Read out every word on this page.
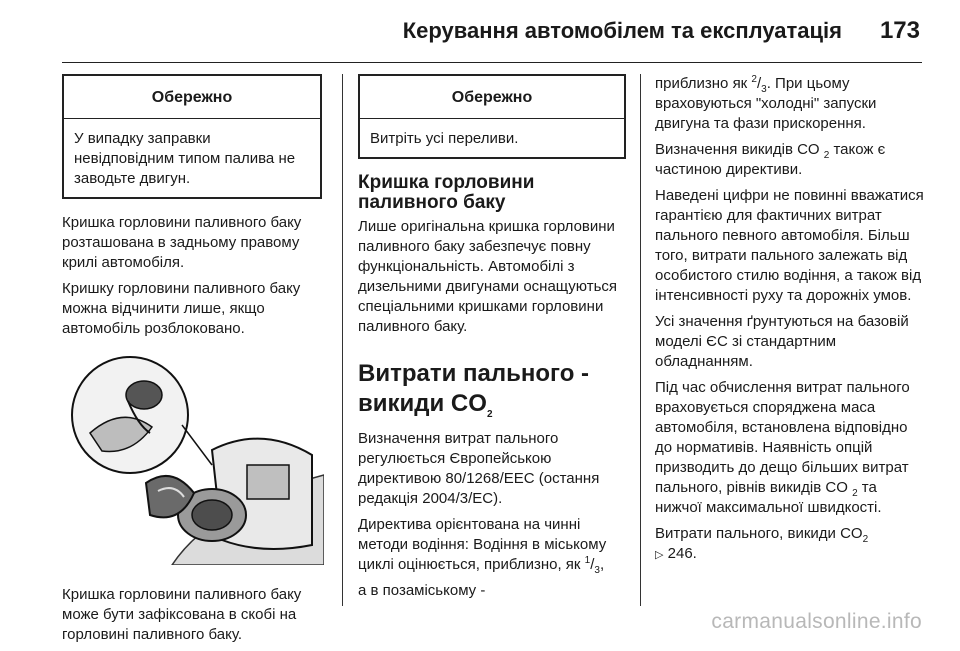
Керування автомобілем та експлуатація 173
Обережно
У випадку заправки невідповідним типом палива не заводьте двигун.

Кришка горловини паливного баку розташована в задньому правому крилі автомобіля.

Кришку горловини паливного баку можна відчинити лише, якщо автомобіль розблоковано.

Кришка горловини паливного баку може бути зафіксована в скобі на горловині паливного баку.

Обережно
Витріть усі переливи.
Кришка горловини паливного баку

Лише оригінальна кришка горловини паливного баку забезпечує повну функціональність. Автомобілі з дизельними двигунами оснащуються спеціальними кришками горловини паливного баку.

Витрати пального - викиди $CO_2$

Визначення витрат пального регулюється Європейською директивою 80/1268/EEC (остання редакція 2004/3/EC).

Директива орієнтована на чинні методи водіння: Водіння в міському циклі оцінюється, приблизно, як $^1/_3$,

а в позаміському -

приблизно як $^2/_3$. При цьому враховуються "холодні" запуски двигуна та фази прискорення.

Визначення викидів CO $_2$ також є частиною директиви.

Наведені цифри не повинні вважатися гарантією для фактичних витрат пального певного автомобіля. Більш того, витрати пального залежать від особистого стилю водіння, а також від інтенсивності руху та дорожніх умов.

Усі значення ґрунтуються на базовій моделі ЄС зі стандартним обладнанням.

Під час обчислення витрат пального враховується споряджена маса автомобіля, встановлена відповідно до нормативів. Наявність опцій призводить до дещо більших витрат пального, рівнів викидів CO $_2$ та нижчої максимальної швидкості.

Витрати пального, викиди $CO_2$
▷ 246.

carmanualsonline.info
